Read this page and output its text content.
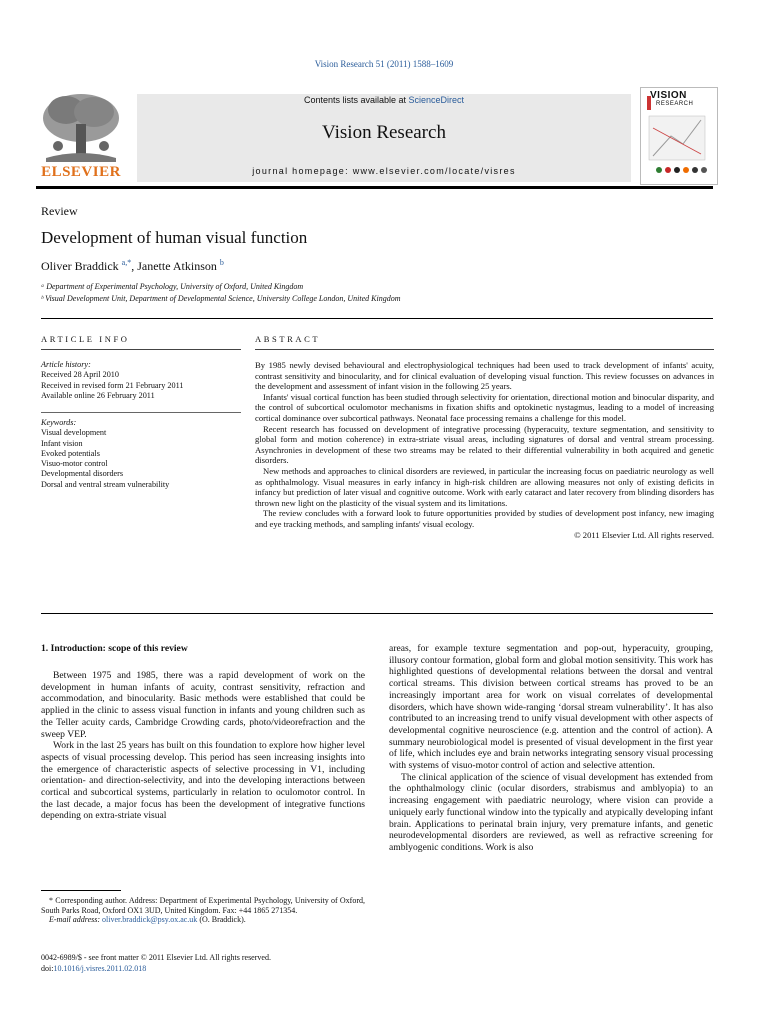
Vision Research 51 (2011) 1588–1609
ELSEVIER
Contents lists available at ScienceDirect
Vision Research
journal homepage: www.elsevier.com/locate/visres
VISION
RESEARCH
Review
Development of human visual function
Oliver Braddick $^{a,*}$, Janette Atkinson $^b$
ᵃ Department of Experimental Psychology, University of Oxford, United Kingdom
ᵇ Visual Development Unit, Department of Developmental Science, University College London, United Kingdom
ARTICLE INFO
Article history:
Received 28 April 2010
Received in revised form 21 February 2011
Available online 26 February 2011
Keywords:
Visual development
Infant vision
Evoked potentials
Visuo-motor control
Developmental disorders
Dorsal and ventral stream vulnerability
ABSTRACT

By 1985 newly devised behavioural and electrophysiological techniques had been used to track development of infants' acuity, contrast sensitivity and binocularity, and for clinical evaluation of developing visual function. This review focusses on advances in the development and assessment of infant vision in the following 25 years.

Infants' visual cortical function has been studied through selectivity for orientation, directional motion and binocular disparity, and the control of subcortical oculomotor mechanisms in fixation shifts and optokinetic nystagmus, leading to a model of increasing cortical dominance over subcortical pathways. Neonatal face processing remains a challenge for this model.

Recent research has focussed on development of integrative processing (hyperacuity, texture segmentation, and sensitivity to global form and motion coherence) in extra-striate visual areas, including signatures of dorsal and ventral stream processing. Asynchronies in development of these two streams may be related to their differential vulnerability in both acquired and genetic disorders.

New methods and approaches to clinical disorders are reviewed, in particular the increasing focus on paediatric neurology as well as ophthalmology. Visual measures in early infancy in high-risk children are allowing measures not only of existing deficits in infancy but prediction of later visual and cognitive outcome. Work with early cataract and later recovery from blinding disorders has thrown new light on the plasticity of the visual system and its limitations.

The review concludes with a forward look to future opportunities provided by studies of development post infancy, new imaging and eye tracking methods, and sampling infants' visual ecology.

© 2011 Elsevier Ltd. All rights reserved.
1. Introduction: scope of this review

Between 1975 and 1985, there was a rapid development of work on the development in human infants of acuity, contrast sensitivity, refraction and accommodation, and binocularity. Basic methods were established that could be applied in the clinic to assess visual function in infants and young children such as the Teller acuity cards, Cambridge Crowding cards, photo/videorefraction and the sweep VEP.

Work in the last 25 years has built on this foundation to explore how higher level aspects of visual processing develop. This period has seen increasing insights into the emergence of characteristic aspects of selective processing in V1, including orientation- and direction-selectivity, and into the developing interactions between cortical and subcortical systems, particularly in relation to oculomotor control. In the last decade, a major focus has been the development of integrative functions depending on extra-striate visual

areas, for example texture segmentation and pop-out, hyperacuity, grouping, illusory contour formation, global form and global motion sensitivity. This work has highlighted questions of developmental relations between the dorsal and ventral cortical streams. This division between cortical streams has proved to be an increasingly important area for work on visual correlates of developmental disorders, which have shown wide-ranging ‘dorsal stream vulnerability’. It has also contributed to an increasing trend to unify visual development with other aspects of developmental cognitive neuroscience (e.g. attention and the control of action). A summary neurobiological model is presented of visual development in the first year of life, which includes eye and brain networks integrating sensory visual processing with systems of visuo-motor control of action and selective attention.

The clinical application of the science of visual development has extended from the ophthalmology clinic (ocular disorders, strabismus and amblyopia) to an increasing engagement with paediatric neurology, where vision can provide a uniquely early functional window into the typically and atypically developing infant brain. Applications to perinatal brain injury, very premature infants, and genetic neurodevelopmental disorders are reviewed, as well as refractive screening for amblyogenic conditions. Work is also

* Corresponding author. Address: Department of Experimental Psychology, University of Oxford, South Parks Road, Oxford OX1 3UD, United Kingdom. Fax: +44 1865 271354.

E-mail address: oliver.braddick@psy.ox.ac.uk (O. Braddick).

0042-6989/$ - see front matter © 2011 Elsevier Ltd. All rights reserved.
doi:10.1016/j.visres.2011.02.018
